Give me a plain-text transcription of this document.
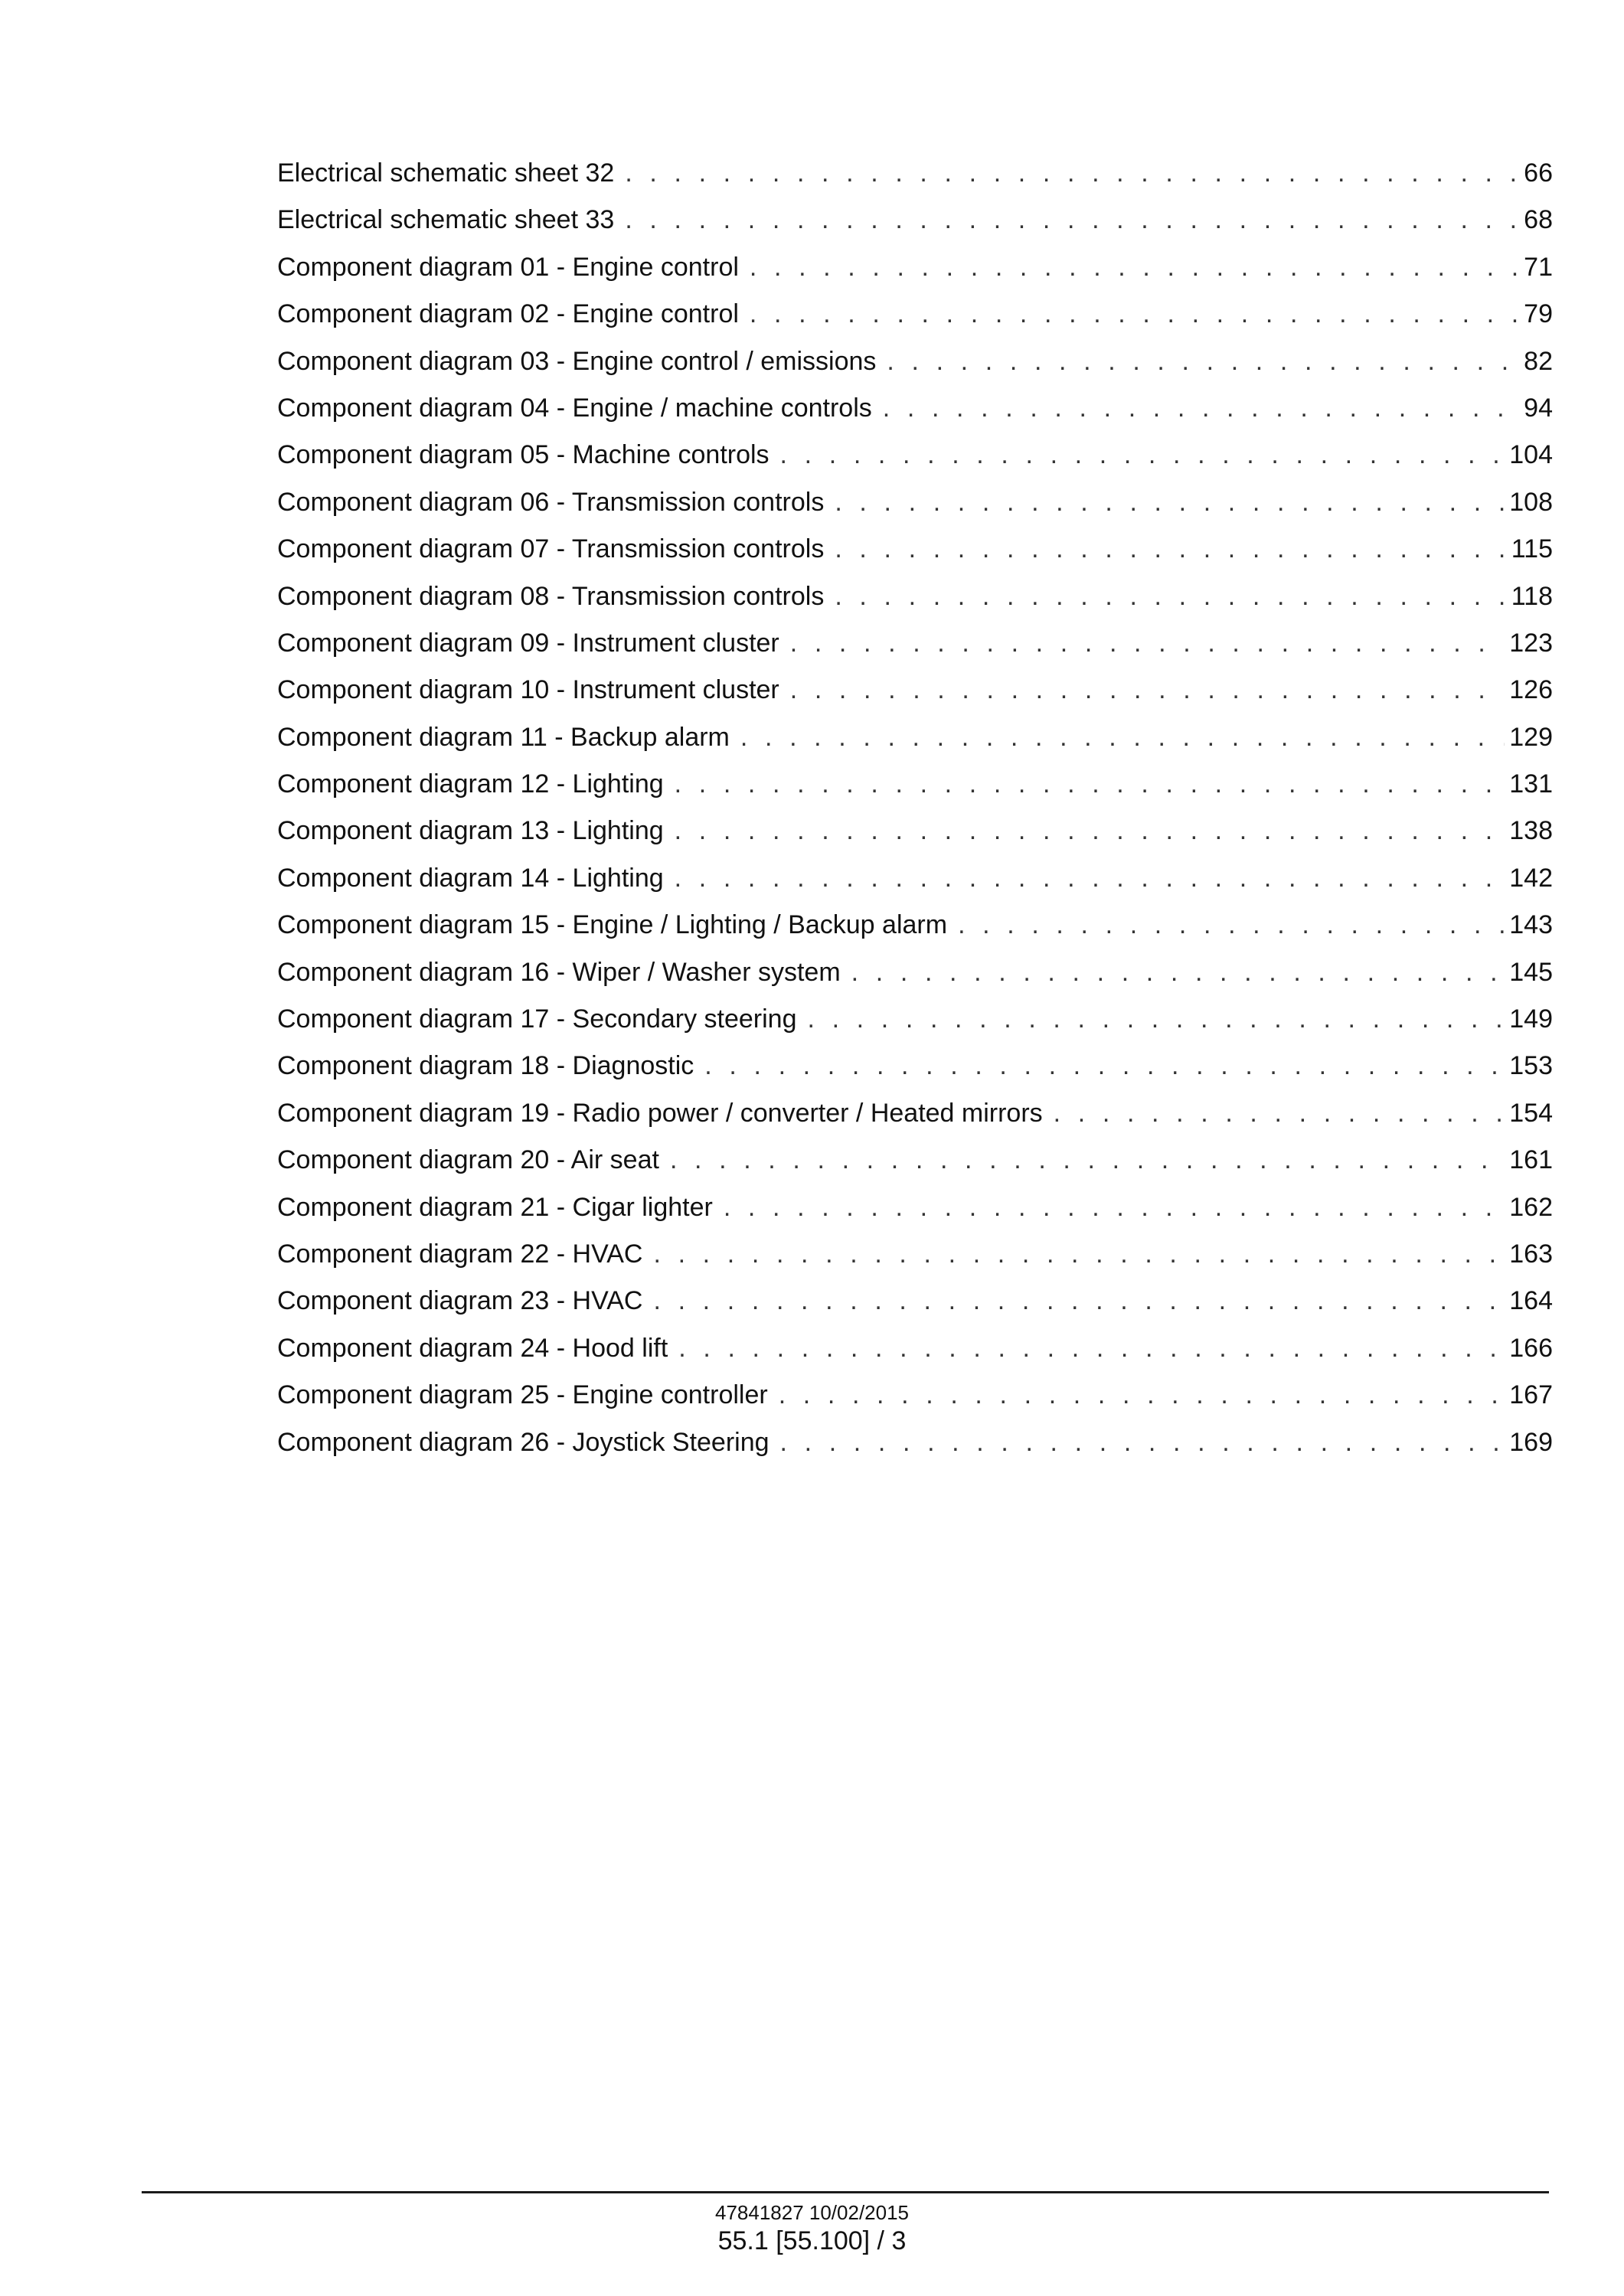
Electrical schematic sheet 32 . . .	66
Electrical schematic sheet 33 . . .	68
Component diagram 01 - Engine control . . .	71
Component diagram 02 - Engine control . . .	79
Component diagram 03 - Engine control / emissions . . .	82
Component diagram 04 - Engine / machine controls . . .	94
Component diagram 05 - Machine controls . . .	104
Component diagram 06 - Transmission controls . . .	108
Component diagram 07 - Transmission controls . . .	115
Component diagram 08 - Transmission controls . . .	118
Component diagram 09 - Instrument cluster . . .	123
Component diagram 10 - Instrument cluster . . .	126
Component diagram 11 - Backup alarm . . .	129
Component diagram 12 - Lighting . . .	131
Component diagram 13 - Lighting . . .	138
Component diagram 14 - Lighting . . .	142
Component diagram 15 - Engine / Lighting / Backup alarm . . .	143
Component diagram 16 - Wiper / Washer system . . .	145
Component diagram 17 - Secondary steering . . .	149
Component diagram 18 - Diagnostic . . .	153
Component diagram 19 - Radio power / converter / Heated mirrors . . .	154
Component diagram 20 - Air seat . . .	161
Component diagram 21 - Cigar lighter . . .	162
Component diagram 22 - HVAC . . .	163
Component diagram 23 - HVAC . . .	164
Component diagram 24 - Hood lift . . .	166
Component diagram 25 - Engine controller . . .	167
Component diagram 26 - Joystick Steering . . .	169
47841827 10/02/2015
55.1 [55.100] / 3
